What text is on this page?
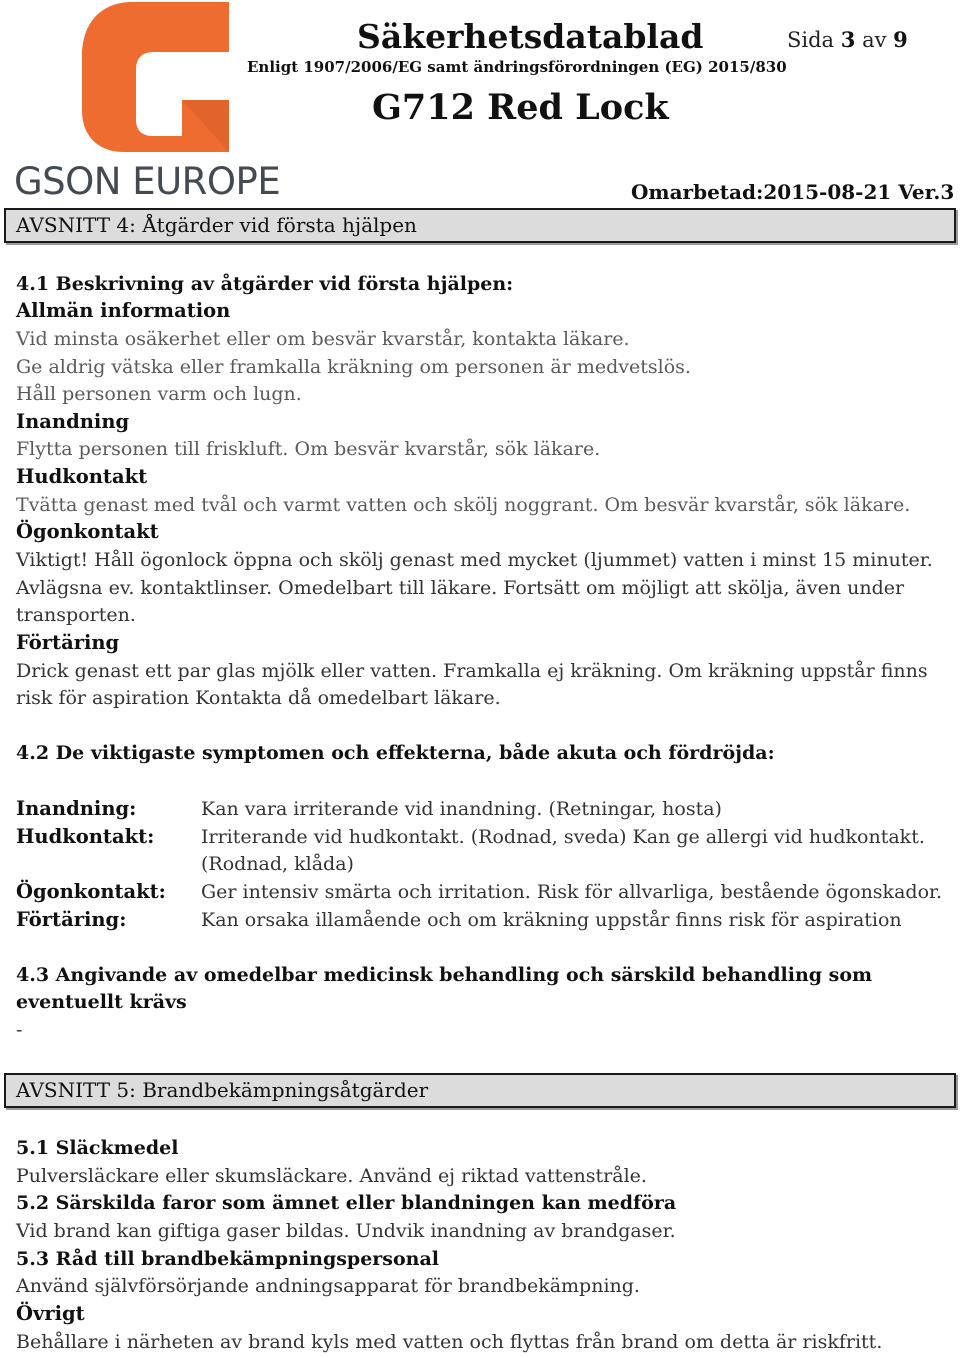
GSON EUROPE
Säkerhetsdatablad	Sida 3 av 9
Enligt 1907/2006/EG samt ändringsförordningen (EG) 2015/830
G712 Red Lock
Omarbetad:2015-08-21 Ver.3
AVSNITT 4: Åtgärder vid första hjälpen
4.1 Beskrivning av åtgärder vid första hjälpen:
Allmän information
Vid minsta osäkerhet eller om besvär kvarstår, kontakta läkare.
Ge aldrig vätska eller framkalla kräkning om personen är medvetslös.
Håll personen varm och lugn.
Inandning
Flytta personen till friskluft. Om besvär kvarstår, sök läkare.
Hudkontakt
Tvätta genast med tvål och varmt vatten och skölj noggrant. Om besvär kvarstår, sök läkare.
Ögonkontakt
Viktigt! Håll ögonlock öppna och skölj genast med mycket (ljummet) vatten i minst 15 minuter.
Avlägsna ev. kontaktlinser. Omedelbart till läkare. Fortsätt om möjligt att skölja, även under
transporten.
Förtäring
Drick genast ett par glas mjölk eller vatten. Framkalla ej kräkning. Om kräkning uppstår finns
risk för aspiration Kontakta då omedelbart läkare.
4.2 De viktigaste symptomen och effekterna, både akuta och fördröjda:
Inandning:	Kan vara irriterande vid inandning. (Retningar, hosta)
Hudkontakt: Irriterande vid hudkontakt. (Rodnad, sveda) Kan ge allergi vid hudkontakt.
(Rodnad, klåda)
Ögonkontakt: Ger intensiv smärta och irritation. Risk för allvarliga, bestående ögonskador.
Förtäring:	Kan orsaka illamående och om kräkning uppstår finns risk för aspiration
4.3 Angivande av omedelbar medicinsk behandling och särskild behandling som
eventuellt krävs
-
AVSNITT 5: Brandbekämpningsåtgärder
5.1 Släckmedel
Pulversläckare eller skumsläckare. Använd ej riktad vattenstråle.
5.2 Särskilda faror som ämnet eller blandningen kan medföra
Vid brand kan giftiga gaser bildas. Undvik inandning av brandgaser.
5.3 Råd till brandbekämpningspersonal
Använd självförsörjande andningsapparat för brandbekämpning.
Övrigt
Behållare i närheten av brand kyls med vatten och flyttas från brand om detta är riskfritt.
